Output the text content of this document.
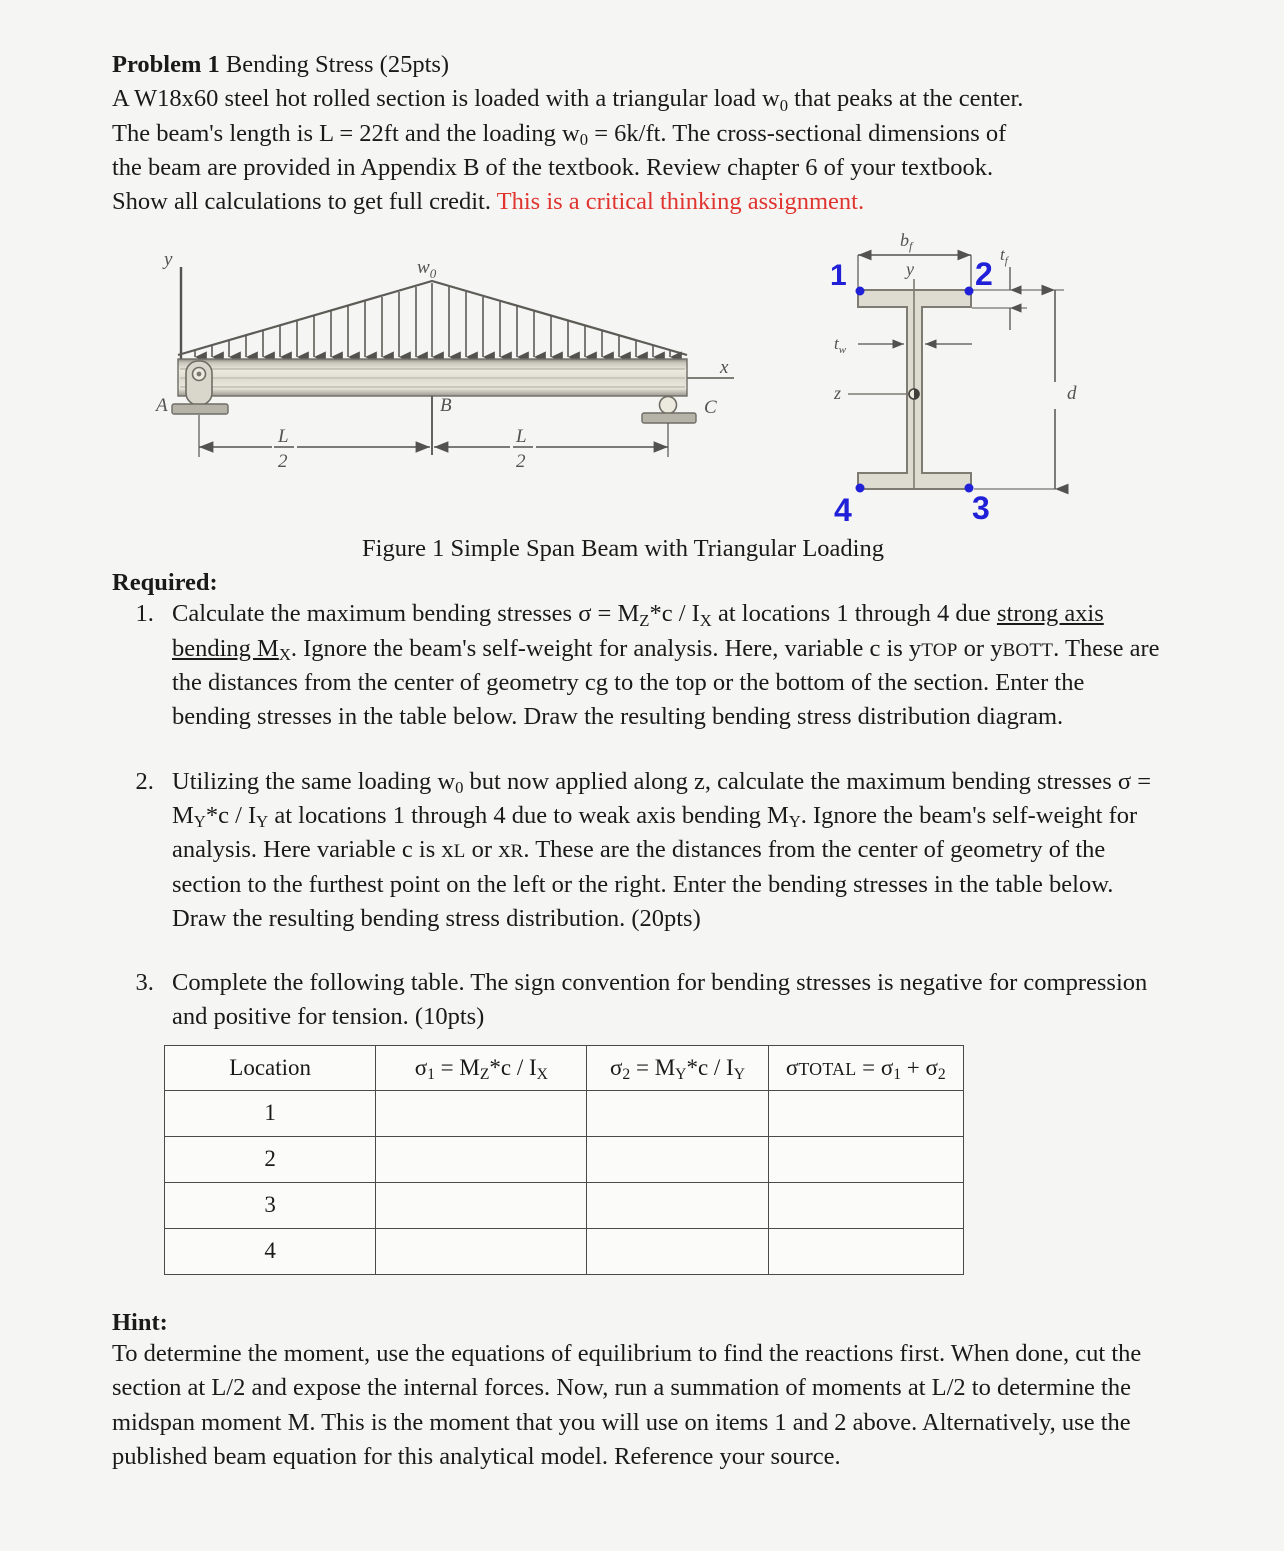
Problem 1 Bending Stress (25pts)

A W18x60 steel hot rolled section is loaded with a triangular load $w_0$ that peaks at the center.

The beam's length is L = 22ft and the loading $w_0 = 6k/ft$. The cross-sectional dimensions of

the beam are provided in Appendix B of the textbook. Review chapter 6 of your textbook.

Show all calculations to get full credit. This is a critical thinking assignment.

y	$w_0$
x
A	C
B
L
2
L
2
$b_f$
y
z
$t_w$
$t_f$
d
1	2
3
4
Figure 1 Simple Span Beam with Triangular Loading
Required:
1. Calculate the maximum bending stresses $\sigma = M_Z*c / I_X$ at locations 1 through 4 due strong axis bending $M_X$. Ignore the beam's self-weight for analysis. Here, variable c is yTOP or yBOTT. These are the distances from the center of geometry cg to the top or the bottom of the section. Enter the bending stresses in the table below. Draw the resulting bending stress distribution diagram.
2. Utilizing the same loading $w_0$ but now applied along z, calculate the maximum bending stresses $\sigma = M_Y*c / I_Y$ at locations 1 through 4 due to weak axis bending $M_Y$. Ignore the beam's self-weight for analysis. Here variable c is xL or xR. These are the distances from the center of geometry of the section to the furthest point on the left or the right. Enter the bending stresses in the table below. Draw the resulting bending stress distribution. (20pts)
3. Complete the following table. The sign convention for bending stresses is negative for compression and positive for tension. (10pts)
Location	$\sigma_1 = M_Z*c / I_X$	$\sigma_2 = M_Y*c / I_Y$	σTOTAL = $\sigma_1 + \sigma_2$
1			
2			
3			
4			
Hint:
To determine the moment, use the equations of equilibrium to find the reactions first. When done, cut the section at L/2 and expose the internal forces. Now, run a summation of moments at L/2 to determine the midspan moment M. This is the moment that you will use on items 1 and 2 above. Alternatively, use the published beam equation for this analytical model. Reference your source.
